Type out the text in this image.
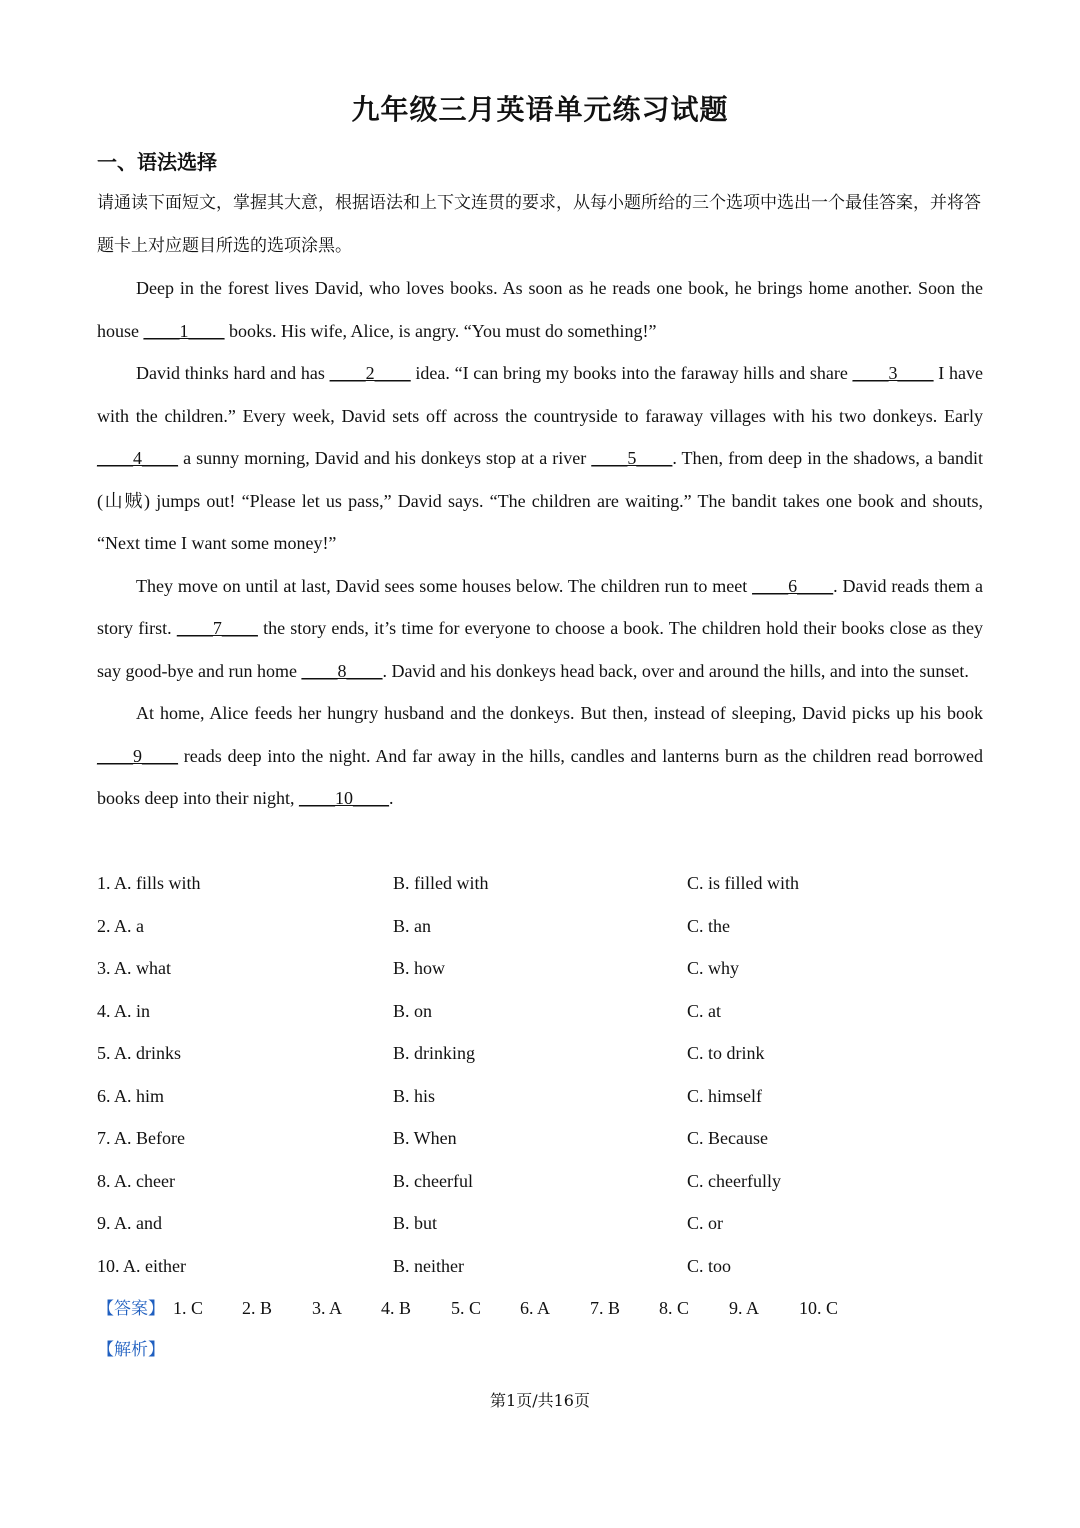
九年级三月英语单元练习试题
一、语法选择
请通读下面短文，掌握其大意，根据语法和上下文连贯的要求，从每小题所给的三个选项中选出一个最佳答案，并将答题卡上对应题目所选的选项涂黑。

Deep in the forest lives David, who loves books. As soon as he reads one book, he brings home another. Soon the house ____1____ books. His wife, Alice, is angry. “You must do something!”

David thinks hard and has ____2____ idea. “I can bring my books into the faraway hills and share ____3____ I have with the children.” Every week, David sets off across the countryside to faraway villages with his two donkeys. Early ____4____ a sunny morning, David and his donkeys stop at a river ____5____. Then, from deep in the shadows, a bandit (山贼) jumps out! “Please let us pass,” David says. “The children are waiting.” The bandit takes one book and shouts, “Next time I want some money!”

They move on until at last, David sees some houses below. The children run to meet ____6____. David reads them a story first. ____7____ the story ends, it’s time for everyone to choose a book. The children hold their books close as they say good-bye and run home ____8____. David and his donkeys head back, over and around the hills, and into the sunset.

At home, Alice feeds her hungry husband and the donkeys. But then, instead of sleeping, David picks up his book ____9____ reads deep into the night. And far away in the hills, candles and lanterns burn as the children read borrowed books deep into their night, ____10____.

1. A. fills with	B. filled with	C. is filled with
2. A. a	B. an	C. the
3. A. what	B. how	C. why
4. A. in	B. on	C. at
5. A. drinks	B. drinking	C. to drink
6. A. him	B. his	C. himself
7. A. Before	B. When	C. Because
8. A. cheer	B. cheerful	C. cheerfully
9. A. and	B. but	C. or
10. A. either	B. neither	C. too
【答案】 1. C 2. B 3. A 4. B 5. C 6. A 7. B 8. C 9. A 10. C
【解析】
第1页/共16页
